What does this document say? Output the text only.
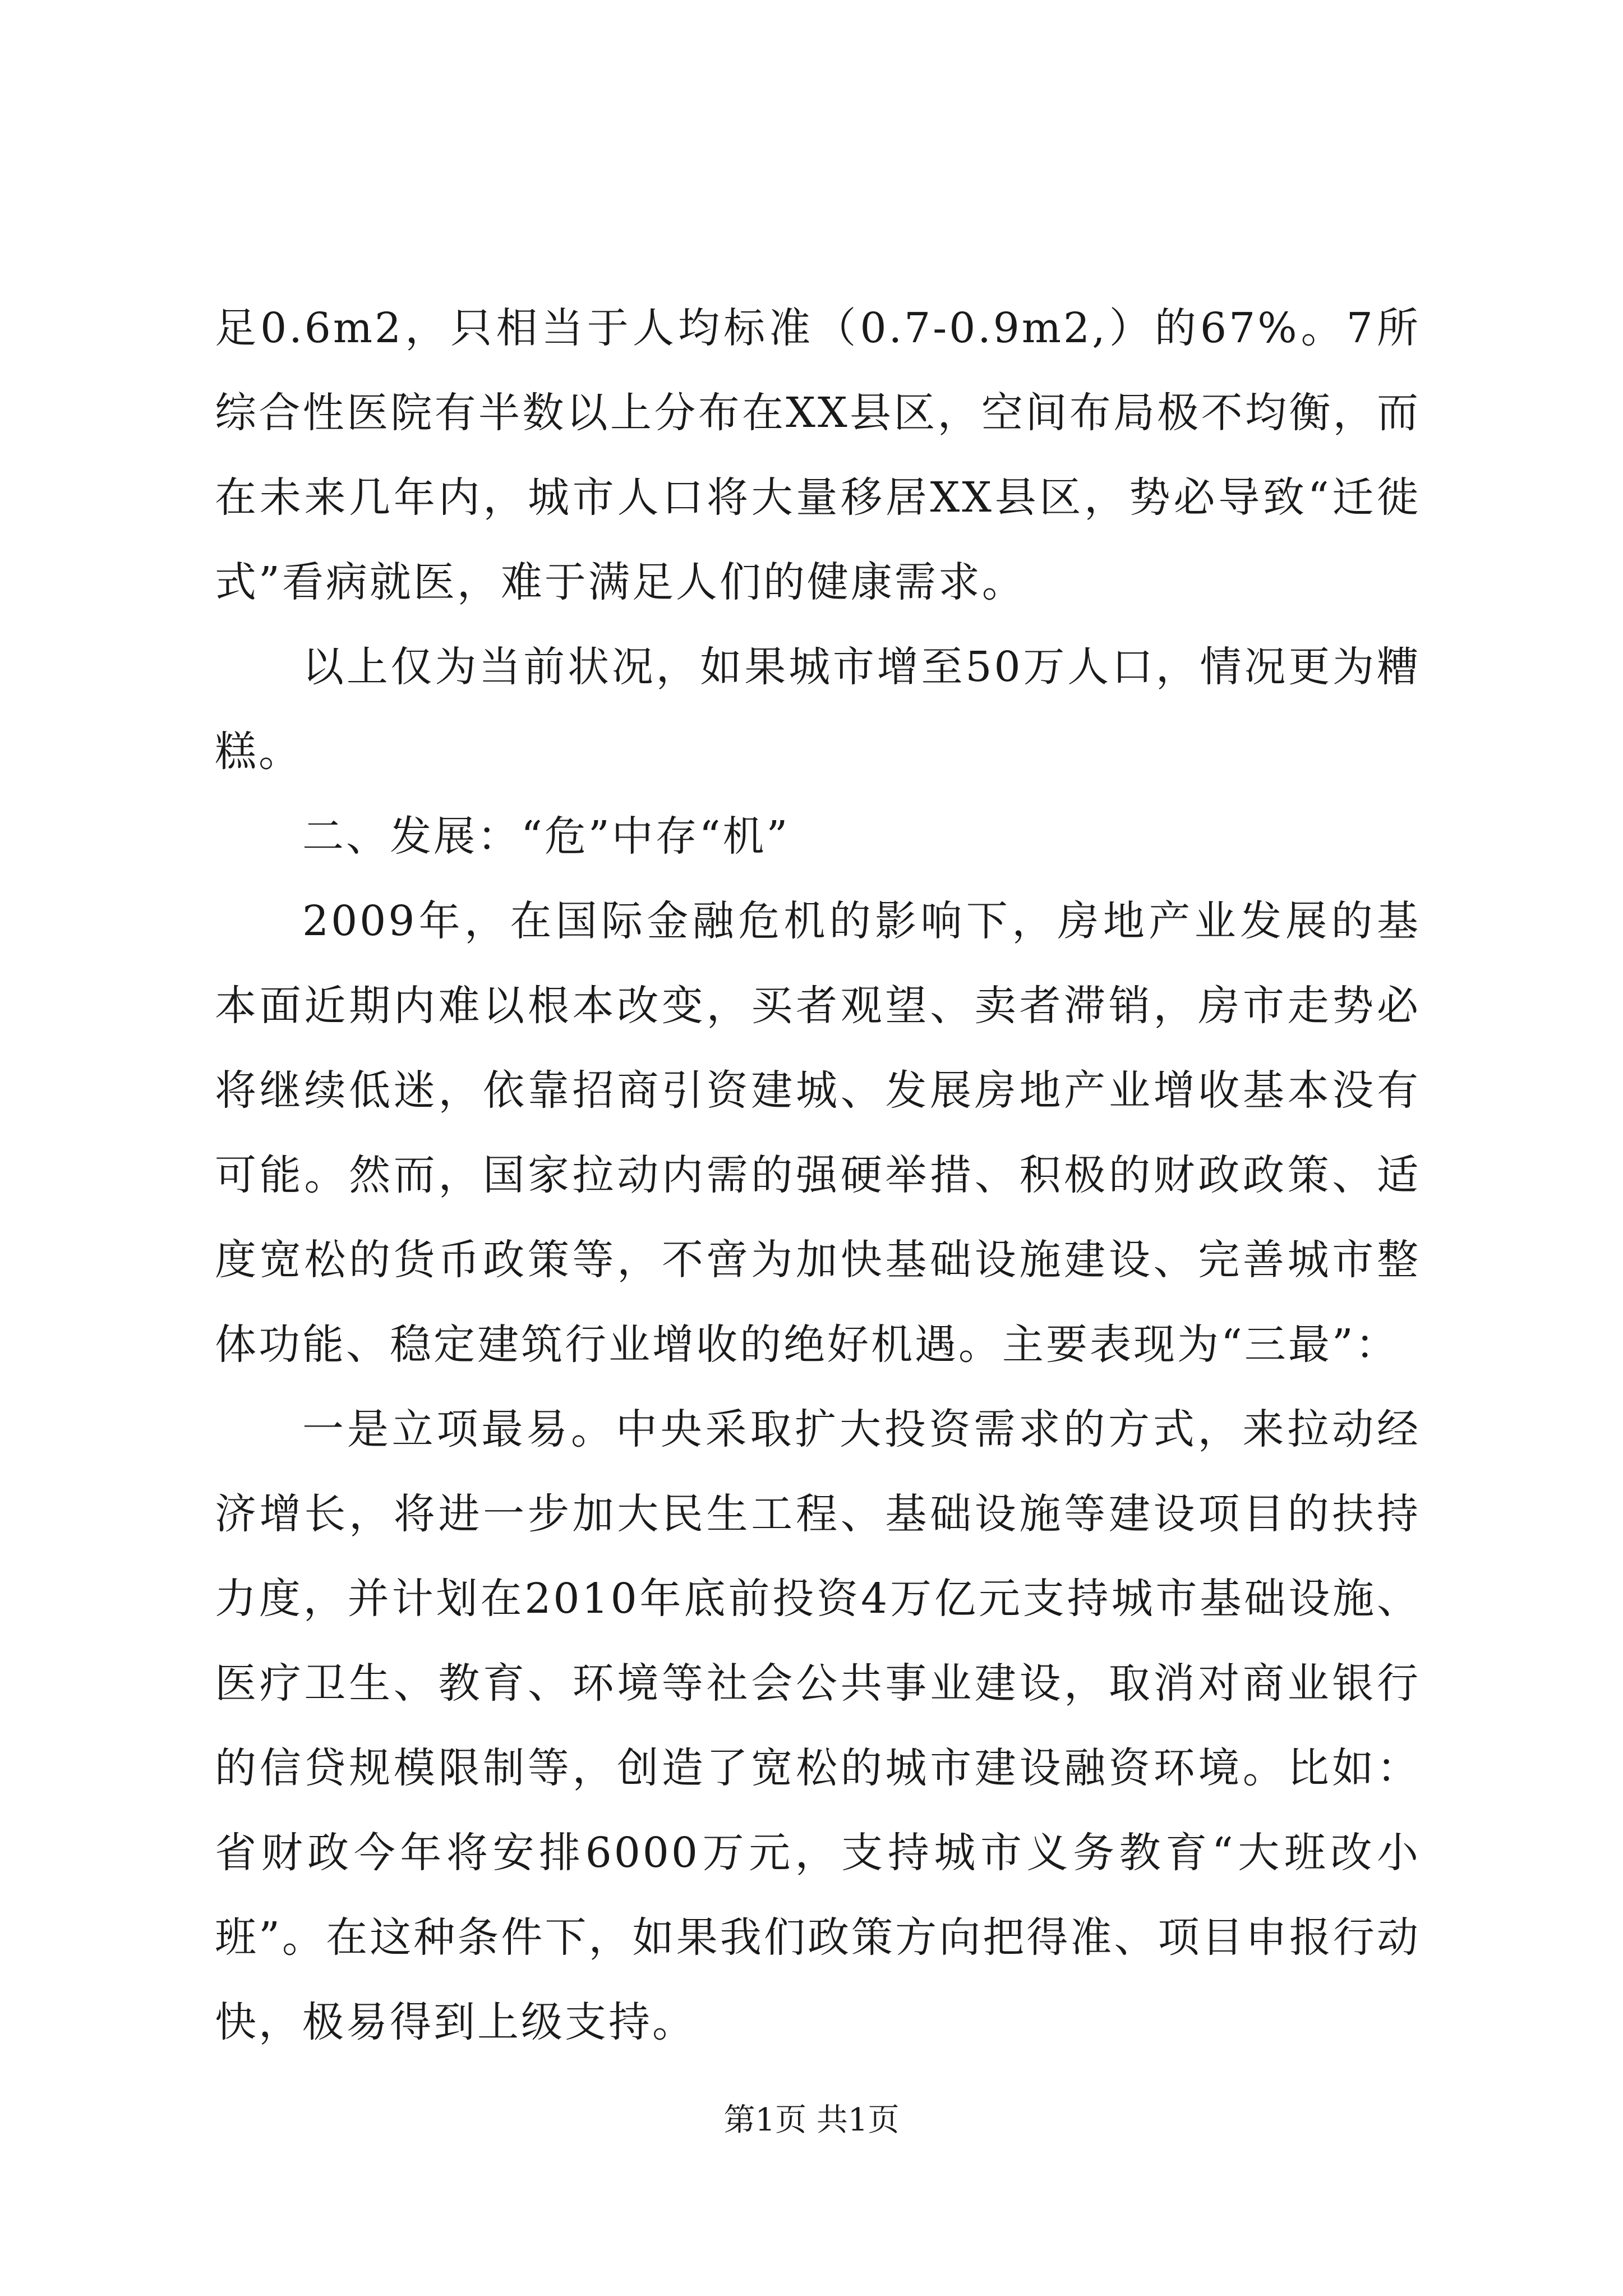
足0.6m2，只相当于人均标准（0.7-0.9m2,）的67%。7所综合性医院有半数以上分布在XX县区，空间布局极不均衡，而在未来几年内，城市人口将大量移居XX县区，势必导致“迁徙式”看病就医，难于满足人们的健康需求。

以上仅为当前状况，如果城市增至50万人口，情况更为糟糕。

二、发展：“危”中存“机”

2009年，在国际金融危机的影响下，房地产业发展的基本面近期内难以根本改变，买者观望、卖者滞销，房市走势必将继续低迷，依靠招商引资建城、发展房地产业增收基本没有可能。然而，国家拉动内需的强硬举措、积极的财政政策、适度宽松的货币政策等，不啻为加快基础设施建设、完善城市整体功能、稳定建筑行业增收的绝好机遇。主要表现为“三最”：

一是立项最易。中央采取扩大投资需求的方式，来拉动经济增长，将进一步加大民生工程、基础设施等建设项目的扶持力度，并计划在2010年底前投资4万亿元支持城市基础设施、医疗卫生、教育、环境等社会公共事业建设，取消对商业银行的信贷规模限制等，创造了宽松的城市建设融资环境。比如：省财政今年将安排6000万元，支持城市义务教育“大班改小班”。在这种条件下，如果我们政策方向把得准、项目申报行动快，极易得到上级支持。

第1页 共1页
